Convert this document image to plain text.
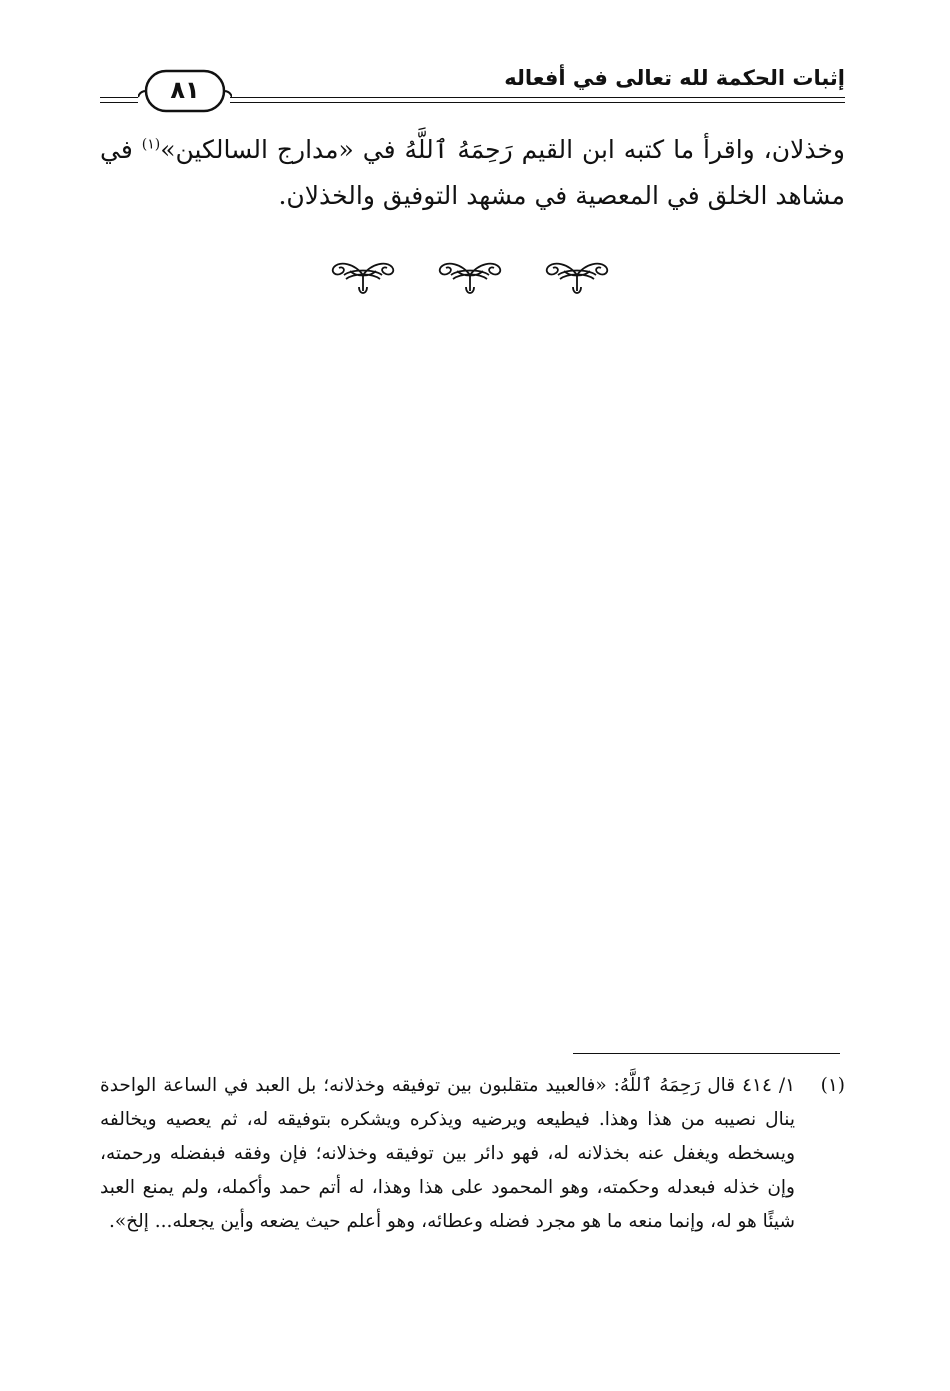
إثبات الحكمة لله تعالى في أفعاله
٨١
وخذلان، واقرأ ما كتبه ابن القيم رَحِمَهُ ٱللَّهُ في «مدارج السالكين»$^{(١)}$ في مشاهد الخلق في المعصية في مشهد التوفيق والخذلان.
(١)
١/ ٤١٤ قال رَحِمَهُ ٱللَّهُ: «فالعبيد متقلبون بين توفيقه وخذلانه؛ بل العبد في الساعة الواحدة ينال نصيبه من هذا وهذا. فيطيعه ويرضيه ويذكره ويشكره بتوفيقه له، ثم يعصيه ويخالفه ويسخطه ويغفل عنه بخذلانه له، فهو دائر بين توفيقه وخذلانه؛ فإن وفقه فبفضله ورحمته، وإن خذله فبعدله وحكمته، وهو المحمود على هذا وهذا، له أتم حمد وأكمله، ولم يمنع العبد شيئًا هو له، وإنما منعه ما هو مجرد فضله وعطائه، وهو أعلم حيث يضعه وأين يجعله... إلخ».
